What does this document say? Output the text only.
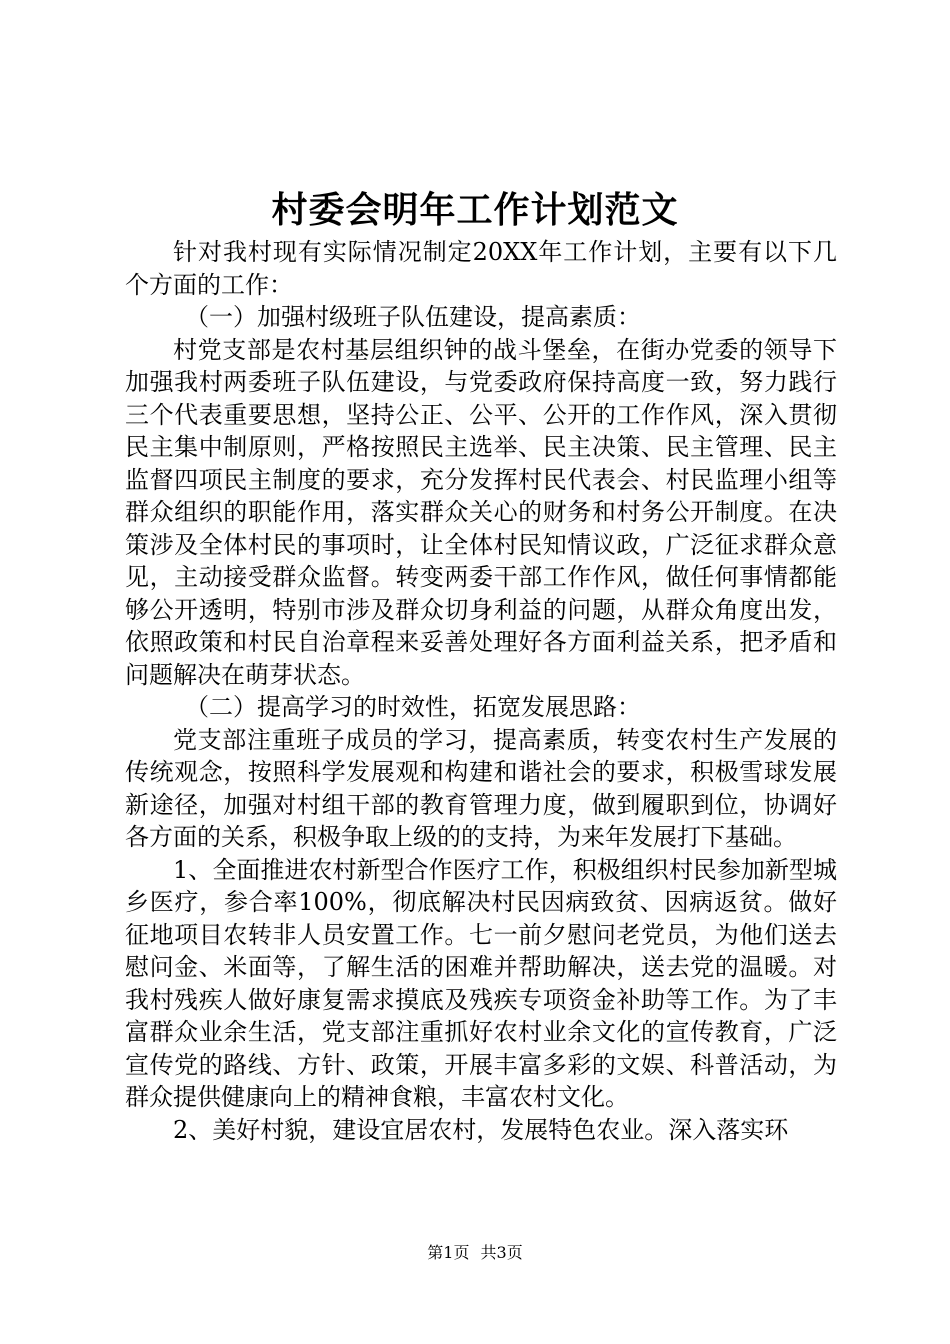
村委会明年工作计划范文

针对我村现有实际情况制定20XX年工作计划，主要有以下几个方面的工作：

（一）加强村级班子队伍建设，提高素质：

村党支部是农村基层组织钟的战斗堡垒，在街办党委的领导下加强我村两委班子队伍建设，与党委政府保持高度一致，努力践行三个代表重要思想，坚持公正、公平、公开的工作作风，深入贯彻民主集中制原则，严格按照民主选举、民主决策、民主管理、民主监督四项民主制度的要求，充分发挥村民代表会、村民监理小组等群众组织的职能作用，落实群众关心的财务和村务公开制度。在决策涉及全体村民的事项时，让全体村民知情议政，广泛征求群众意见，主动接受群众监督。转变两委干部工作作风，做任何事情都能够公开透明，特别市涉及群众切身利益的问题，从群众角度出发，依照政策和村民自治章程来妥善处理好各方面利益关系，把矛盾和问题解决在萌芽状态。

（二）提高学习的时效性，拓宽发展思路：

党支部注重班子成员的学习，提高素质，转变农村生产发展的传统观念，按照科学发展观和构建和谐社会的要求，积极雪球发展新途径，加强对村组干部的教育管理力度，做到履职到位，协调好各方面的关系，积极争取上级的的支持，为来年发展打下基础。

1、全面推进农村新型合作医疗工作，积极组织村民参加新型城乡医疗，参合率100%，彻底解决村民因病致贫、因病返贫。做好征地项目农转非人员安置工作。七一前夕慰问老党员，为他们送去慰问金、米面等，了解生活的困难并帮助解决，送去党的温暖。对我村残疾人做好康复需求摸底及残疾专项资金补助等工作。为了丰富群众业余生活，党支部注重抓好农村业余文化的宣传教育，广泛宣传党的路线、方针、政策，开展丰富多彩的文娱、科普活动，为群众提供健康向上的精神食粮，丰富农村文化。

2、美好村貌，建设宜居农村，发展特色农业。深入落实环

第1页 共3页
